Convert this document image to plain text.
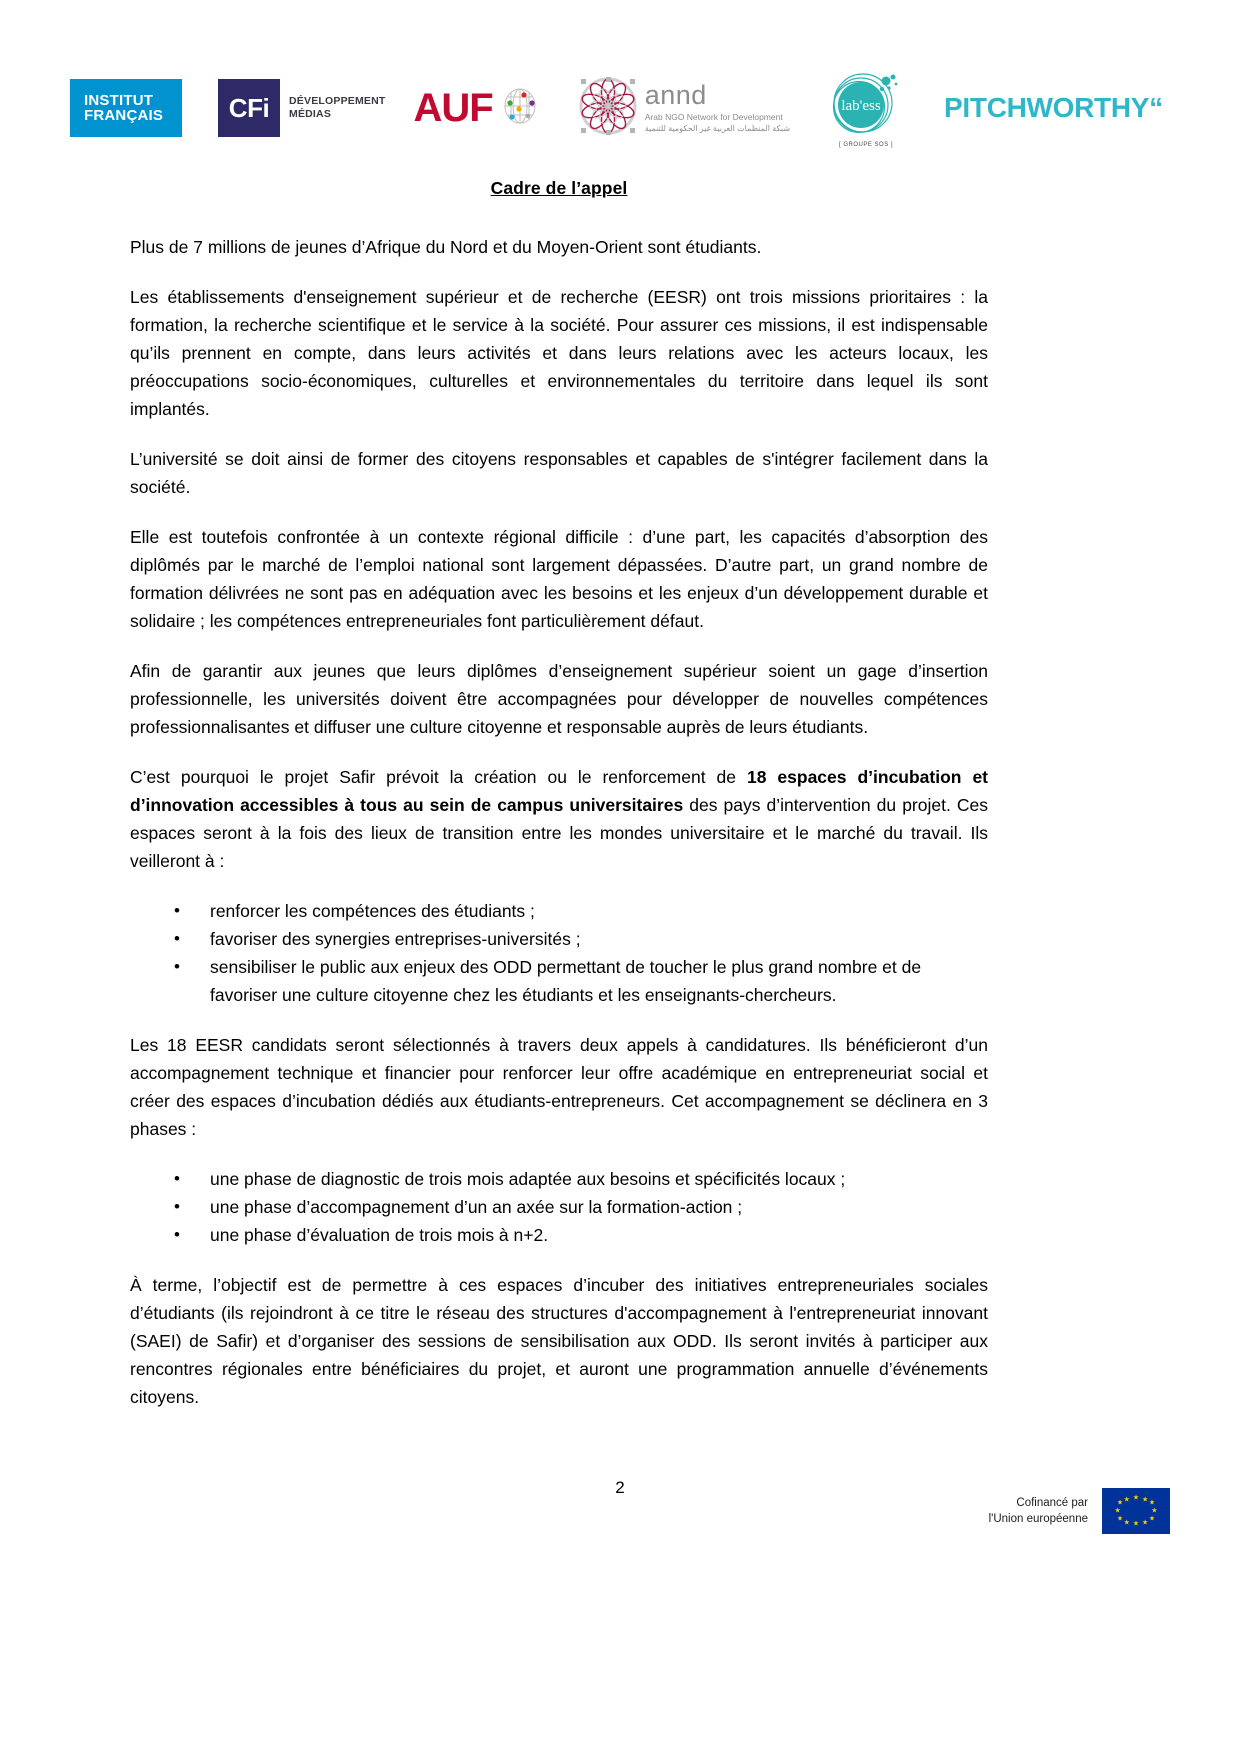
INSTITUT
FRANÇAIS	CFi DÉVELOPPEMENT
MÉDIAS	AUF	annd
Arab NGO Network for Development
شبكة المنظمات العربية غير الحكومية للتنمية
lab'ess
[ GROUPE SOS ]
PITCHWORTHY“
Cadre de l’appel

Plus de 7 millions de jeunes d’Afrique du Nord et du Moyen-Orient sont étudiants.

Les établissements d'enseignement supérieur et de recherche (EESR) ont trois missions prioritaires : la formation, la recherche scientifique et le service à la société. Pour assurer ces missions, il est indispensable qu’ils prennent en compte, dans leurs activités et dans leurs relations avec les acteurs locaux, les préoccupations socio-économiques, culturelles et environnementales du territoire dans lequel ils sont implantés.

L’université se doit ainsi de former des citoyens responsables et capables de s'intégrer facilement dans la société.

Elle est toutefois confrontée à un contexte régional difficile : d’une part, les capacités d’absorption des diplômés par le marché de l’emploi national sont largement dépassées. D’autre part, un grand nombre de formation délivrées ne sont pas en adéquation avec les besoins et les enjeux d’un développement durable et solidaire ; les compétences entrepreneuriales font particulièrement défaut.

Afin de garantir aux jeunes que leurs diplômes d’enseignement supérieur soient un gage d’insertion professionnelle, les universités doivent être accompagnées pour développer de nouvelles compétences professionnalisantes et diffuser une culture citoyenne et responsable auprès de leurs étudiants.

C’est pourquoi le projet Safir prévoit la création ou le renforcement de 18 espaces d’incubation et d’innovation accessibles à tous au sein de campus universitaires des pays d’intervention du projet. Ces espaces seront à la fois des lieux de transition entre les mondes universitaire et le marché du travail. Ils veilleront à :

• renforcer les compétences des étudiants ;
• favoriser des synergies entreprises-universités ;
• sensibiliser le public aux enjeux des ODD permettant de toucher le plus grand nombre et de favoriser une culture citoyenne chez les étudiants et les enseignants-chercheurs.

Les 18 EESR candidats seront sélectionnés à travers deux appels à candidatures. Ils bénéficieront d’un accompagnement technique et financier pour renforcer leur offre académique en entrepreneuriat social et créer des espaces d’incubation dédiés aux étudiants-entrepreneurs. Cet accompagnement se déclinera en 3 phases :

• une phase de diagnostic de trois mois adaptée aux besoins et spécificités locaux ;
• une phase d’accompagnement d’un an axée sur la formation-action ;
• une phase d’évaluation de trois mois à n+2.

À terme, l’objectif est de permettre à ces espaces d’incuber des initiatives entrepreneuriales sociales d’étudiants (ils rejoindront à ce titre le réseau des structures d'accompagnement à l'entrepreneuriat innovant (SAEI) de Safir) et d’organiser des sessions de sensibilisation aux ODD. Ils seront invités à participer aux rencontres régionales entre bénéficiaires du projet, et auront une programmation annuelle d’événements citoyens.

2
Cofinancé par
l'Union européenne
★ ★
★
★
★
★
★
★
★
★
★
★
